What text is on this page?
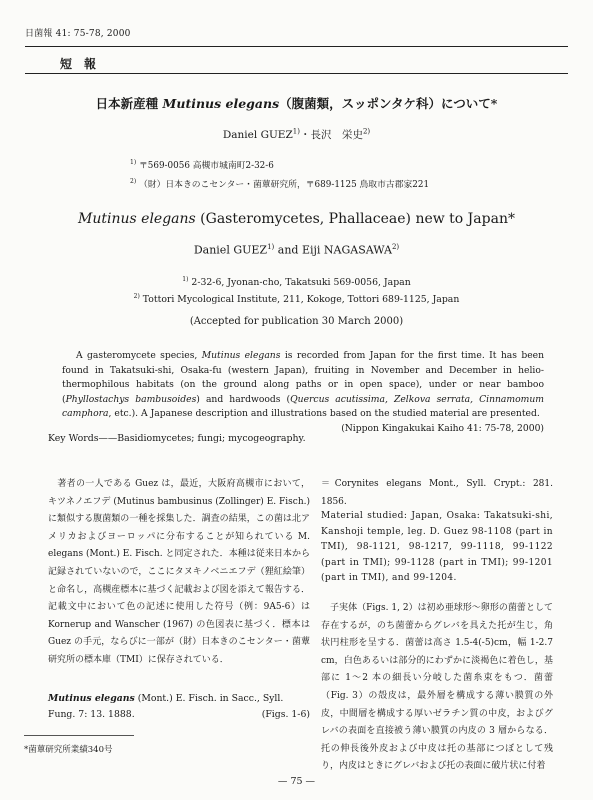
日菌報 41: 75-78, 2000
短報
日本新産種 Mutinus elegans（腹菌類，スッポンタケ科）について*
Daniel GUEZ$^{1)}$・長沢　栄史$^{2)}$
$^{1)}$ 〒569-0056 高槻市城南町2-32-6
$^{2)}$ （財）日本きのこセンター・菌蕈研究所，〒689-1125 鳥取市古郡家221
Mutinus elegans (Gasteromycetes, Phallaceae) new to Japan*
Daniel GUEZ$^{1)}$ and Eiji NAGASAWA$^{2)}$
$^{1)}$ 2-32-6, Jyonan-cho, Takatsuki 569-0056, Japan
$^{2)}$ Tottori Mycological Institute, 211, Kokoge, Tottori 689-1125, Japan
(Accepted for publication 30 March 2000)
A gasteromycete species, Mutinus elegans is recorded from Japan for the first time. It has been found in Takatsuki-shi, Osaka-fu (western Japan), fruiting in November and December in helio-thermophilous habitats (on the ground along paths or in open space), under or near bamboo (Phyllostachys bambusoides) and hardwoods (Quercus acutissima, Zelkova serrata, Cinnamomum camphora, etc.). A Japanese description and illustrations based on the studied material are presented.
(Nippon Kingakukai Kaiho 41: 75-78, 2000)
Key Words——Basidiomycetes; fungi; mycogeography.
　著者の一人である Guez は，最近，大阪府高槻市において，キツネノエフデ (Mutinus bambusinus (Zollinger) E. Fisch.) に類似する腹菌類の一種を採集した．調査の結果，この菌は北アメリカおよびヨーロッパに分布することが知られている M. elegans (Mont.) E. Fisch. と同定された．本種は従来日本から記録されていないので，ここにタヌキノベニエフデ（狸紅絵筆）と命名し，高槻産標本に基づく記載および図を添えて報告する．記載文中において色の記述に使用した符号（例：9A5-6）は Kornerup and Wanscher (1967) の色図表に基づく．標本は Guez の手元，ならびに一部が（財）日本きのこセンター・菌蕈研究所の標本庫（TMI）に保存されている．
Mutinus elegans (Mont.) E. Fisch. in Sacc., Syll. Fung. 7: 13. 1888.	(Figs. 1-6)
*菌蕈研究所業績340号
＝Corynites elegans Mont., Syll. Crypt.: 281. 1856.
Material studied: Japan, Osaka: Takatsuki-shi, Kanshoji temple, leg. D. Guez 98-1108 (part in TMI), 98-1121, 98-1217, 99-1118, 99-1122 (part in TMI); 99-1128 (part in TMI); 99-1201 (part in TMI), and 99-1204.
　子実体（Figs. 1, 2）は初め亜球形～卵形の菌蕾として存在するが，のち菌蕾からグレバを具えた托が生じ，角状円柱形を呈する．菌蕾は高さ 1.5-4(-5)cm，幅 1-2.7 cm，白色あるいは部分的にわずかに淡褐色に着色し，基部に 1～2 本の細長い分岐した菌糸束をもつ．菌蕾（Fig. 3）の殻皮は，最外層を構成する薄い膜質の外皮，中間層を構成する厚いゼラチン質の中皮，およびグレバの表面を直接被う薄い膜質の内皮の 3 層からなる．托の伸長後外皮および中皮は托の基部につぼとして残り，内皮はときにグレバおよび托の表面に破片状に付着
— 75 —
